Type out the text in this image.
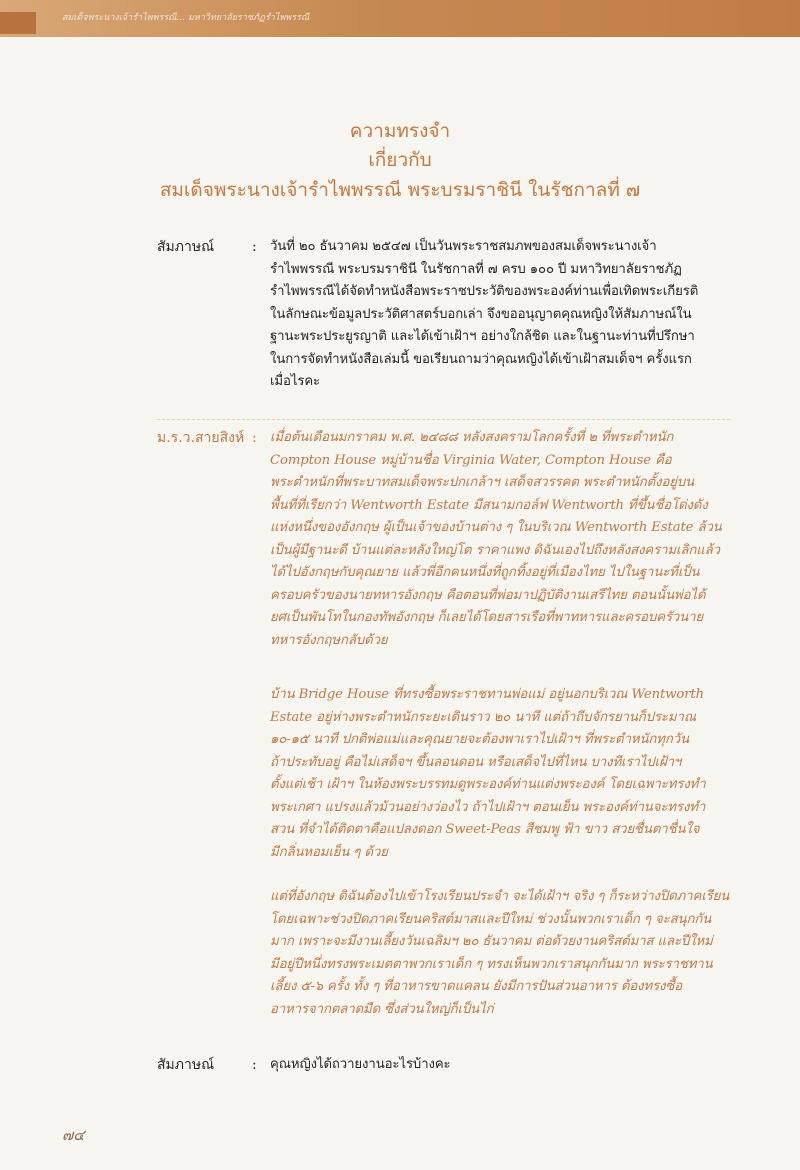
สมเด็จพระนางเจ้ารำไพพรรณี... มหาวิทยาลัยราชภัฏรำไพพรรณี
ความทรงจำ
เกี่ยวกับ
สมเด็จพระนางเจ้ารำไพพรรณี พระบรมราชินี ในรัชกาลที่ ๗
สัมภาษณ์	: วันที่ ๒๐ ธันวาคม ๒๕๔๗ เป็นวันพระราชสมภพของสมเด็จพระนางเจ้า
รำไพพรรณี พระบรมราชินี ในรัชกาลที่ ๗ ครบ ๑๐๐ ปี มหาวิทยาลัยราชภัฏ
รำไพพรรณีได้จัดทำหนังสือพระราชประวัติของพระองค์ท่านเพื่อเทิดพระเกียรติ
ในลักษณะข้อมูลประวัติศาสตร์บอกเล่า จึงขออนุญาตคุณหญิงให้สัมภาษณ์ใน
ฐานะพระประยูรญาติ และได้เข้าเฝ้าฯ อย่างใกล้ชิด และในฐานะท่านที่ปรึกษา
ในการจัดทำหนังสือเล่มนี้ ขอเรียนถามว่าคุณหญิงได้เข้าเฝ้าสมเด็จฯ ครั้งแรก
เมื่อไรคะ
ม.ร.ว.สายสิงห์ : เมื่อต้นเดือนมกราคม พ.ศ. ๒๔๘๘ หลังสงครามโลกครั้งที่ ๒ ที่พระตำหนัก
Compton House หมู่บ้านชื่อ Virginia Water, Compton House คือ
พระตำหนักที่พระบาทสมเด็จพระปกเกล้าฯ เสด็จสวรรคต พระตำหนักตั้งอยู่บน
พื้นที่ที่เรียกว่า Wentworth Estate มีสนามกอล์ฟ Wentworth ที่ขึ้นชื่อโด่งดัง
แห่งหนึ่งของอังกฤษ ผู้เป็นเจ้าของบ้านต่าง ๆ ในบริเวณ Wentworth Estate ล้วน
เป็นผู้มีฐานะดี บ้านแต่ละหลังใหญ่โต ราคาแพง ดิฉันเองไปถึงหลังสงครามเลิกแล้ว
ได้ไปอังกฤษกับคุณยาย แล้วพี่อีกคนหนึ่งที่ถูกทิ้งอยู่ที่เมืองไทย ไปในฐานะที่เป็น
ครอบครัวของนายทหารอังกฤษ คือตอนที่พ่อมาปฏิบัติงานเสรีไทย ตอนนั้นพ่อได้
ยศเป็นพันโทในกองทัพอังกฤษ ก็เลยได้โดยสารเรือที่พาทหารและครอบครัวนาย
ทหารอังกฤษกลับด้วย
บ้าน Bridge House ที่ทรงซื้อพระราชทานพ่อแม่ อยู่นอกบริเวณ Wentworth
Estate อยู่ห่างพระตำหนักระยะเดินราว ๒๐ นาที แต่ถ้าถีบจักรยานก็ประมาณ
๑๐-๑๕ นาที ปกติพ่อแม่และคุณยายจะต้องพาเราไปเฝ้าฯ ที่พระตำหนักทุกวัน
ถ้าประทับอยู่ คือไม่เสด็จฯ ขึ้นลอนดอน หรือเสด็จไปที่ไหน บางทีเราไปเฝ้าฯ
ตั้งแต่เช้า เฝ้าฯ ในห้องพระบรรทมดูพระองค์ท่านแต่งพระองค์ โดยเฉพาะทรงทำ
พระเกศา แปรงแล้วม้วนอย่างว่องไว ถ้าไปเฝ้าฯ ตอนเย็น พระองค์ท่านจะทรงทำ
สวน ที่จำได้ติดตาคือแปลงดอก Sweet-Peas สีชมพู ฟ้า ขาว สวยชื่นตาชื่นใจ
มีกลิ่นหอมเย็น ๆ ด้วย
แต่ที่อังกฤษ ดิฉันต้องไปเข้าโรงเรียนประจำ จะได้เฝ้าฯ จริง ๆ ก็ระหว่างปิดภาคเรียน
โดยเฉพาะช่วงปิดภาคเรียนคริสต์มาสและปีใหม่ ช่วงนั้นพวกเราเด็ก ๆ จะสนุกกัน
มาก เพราะจะมีงานเลี้ยงวันเฉลิมฯ ๒๐ ธันวาคม ต่อด้วยงานคริสต์มาส และปีใหม่
มีอยู่ปีหนึ่งทรงพระเมตตาพวกเราเด็ก ๆ ทรงเห็นพวกเราสนุกกันมาก พระราชทาน
เลี้ยง ๕-๖ ครั้ง ทั้ง ๆ ที่อาหารขาดแคลน ยังมีการปันส่วนอาหาร ต้องทรงซื้อ
อาหารจากตลาดมืด ซึ่งส่วนใหญ่ก็เป็นไก่
สัมภาษณ์	: คุณหญิงได้ถวายงานอะไรบ้างคะ
๗๔
